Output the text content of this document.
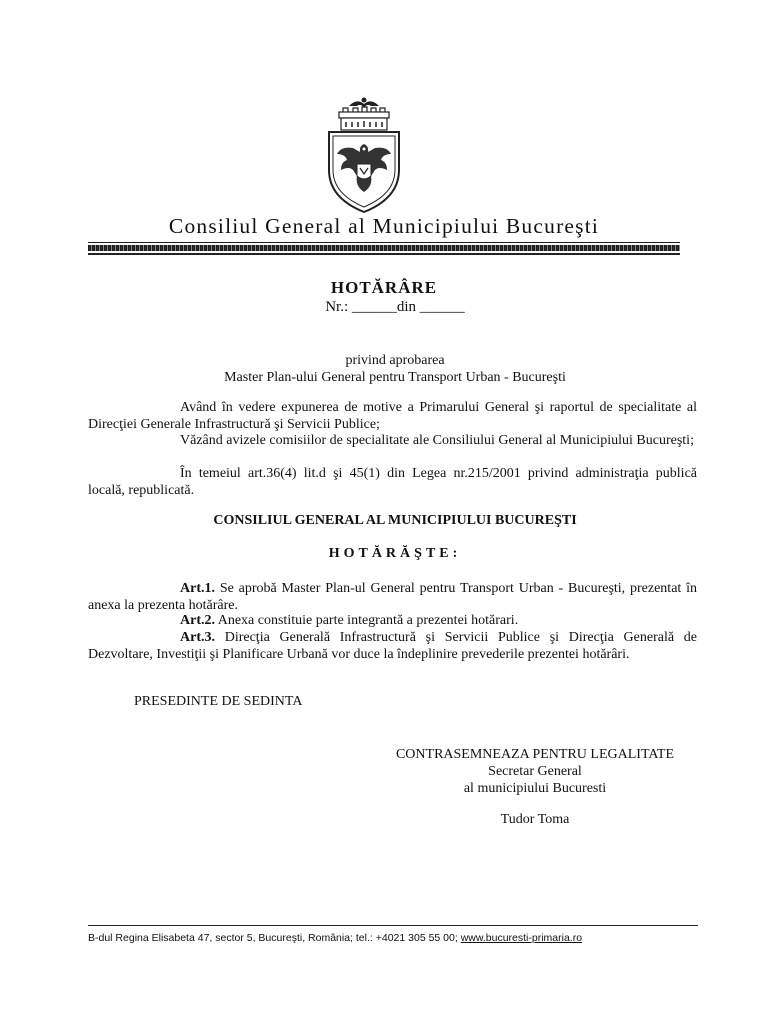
Consiliul General al Municipiului Bucureşti
HOTĂRÂRE
Nr.: ______din ______
privind aprobarea
Master Plan-ului General pentru Transport Urban - Bucureşti
Având în vedere expunerea de motive a Primarului General şi raportul de specialitate al Direcţiei Generale Infrastructură şi Servicii Publice;
Văzând avizele comisiilor de specialitate ale Consiliului General al Municipiului Bucureşti;
În temeiul art.36(4) lit.d şi 45(1) din Legea nr.215/2001 privind administraţia publică locală, republicată.
CONSILIUL GENERAL AL MUNICIPIULUI BUCUREŞTI
HOTĂRĂŞTE:
Art.1. Se aprobă Master Plan-ul General pentru Transport Urban - Bucureşti, prezentat în anexa la prezenta hotărâre.
Art.2. Anexa constituie parte integrantă a prezentei hotărari.
Art.3. Direcţia Generală Infrastructură şi Servicii Publice şi Direcţia Generală de Dezvoltare, Investiţii şi Planificare Urbană vor duce la îndeplinire prevederile prezentei hotărâri.
PRESEDINTE DE SEDINTA
CONTRASEMNEAZA PENTRU LEGALITATE
Secretar General
al municipiului Bucuresti
Tudor Toma
B-dul Regina Elisabeta 47, sector 5, Bucureşti, România; tel.: +4021 305 55 00; www.bucuresti-primaria.ro
